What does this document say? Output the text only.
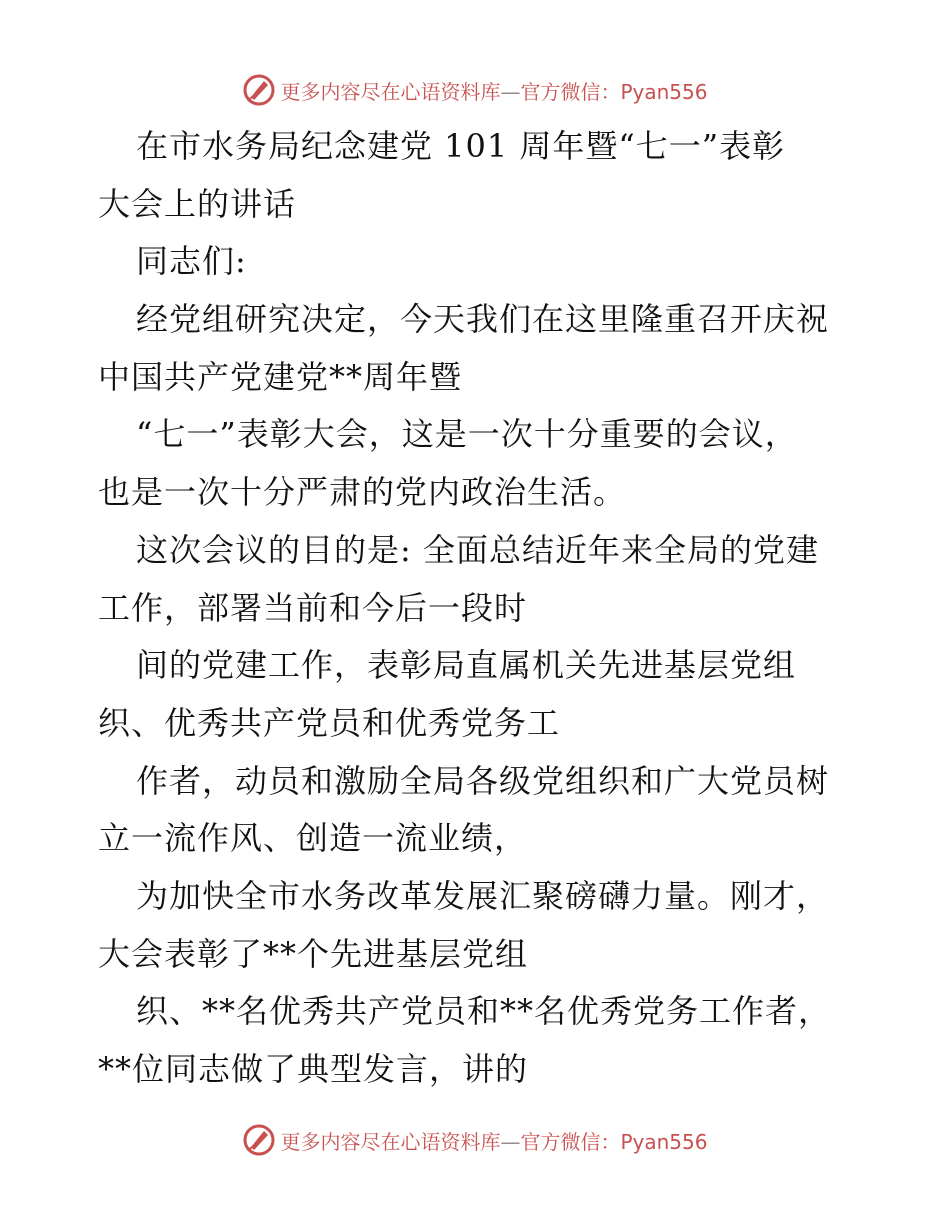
更多内容尽在心语资料库—官方微信：Pyan556
在市水务局纪念建党 101 周年暨“七一”表彰
大会上的讲话
同志们:
经党组研究决定，今天我们在这里隆重召开庆祝
中国共产党建党**周年暨
“七一”表彰大会，这是一次十分重要的会议，
也是一次十分严肃的党内政治生活。
这次会议的目的是: 全面总结近年来全局的党建
工作，部署当前和今后一段时
间的党建工作，表彰局直属机关先进基层党组
织、优秀共产党员和优秀党务工
作者，动员和激励全局各级党组织和广大党员树
立一流作风、创造一流业绩，
为加快全市水务改革发展汇聚磅礴力量。刚才，
大会表彰了**个先进基层党组
织、**名优秀共产党员和**名优秀党务工作者，
**位同志做了典型发言，讲的
更多内容尽在心语资料库—官方微信：Pyan556
